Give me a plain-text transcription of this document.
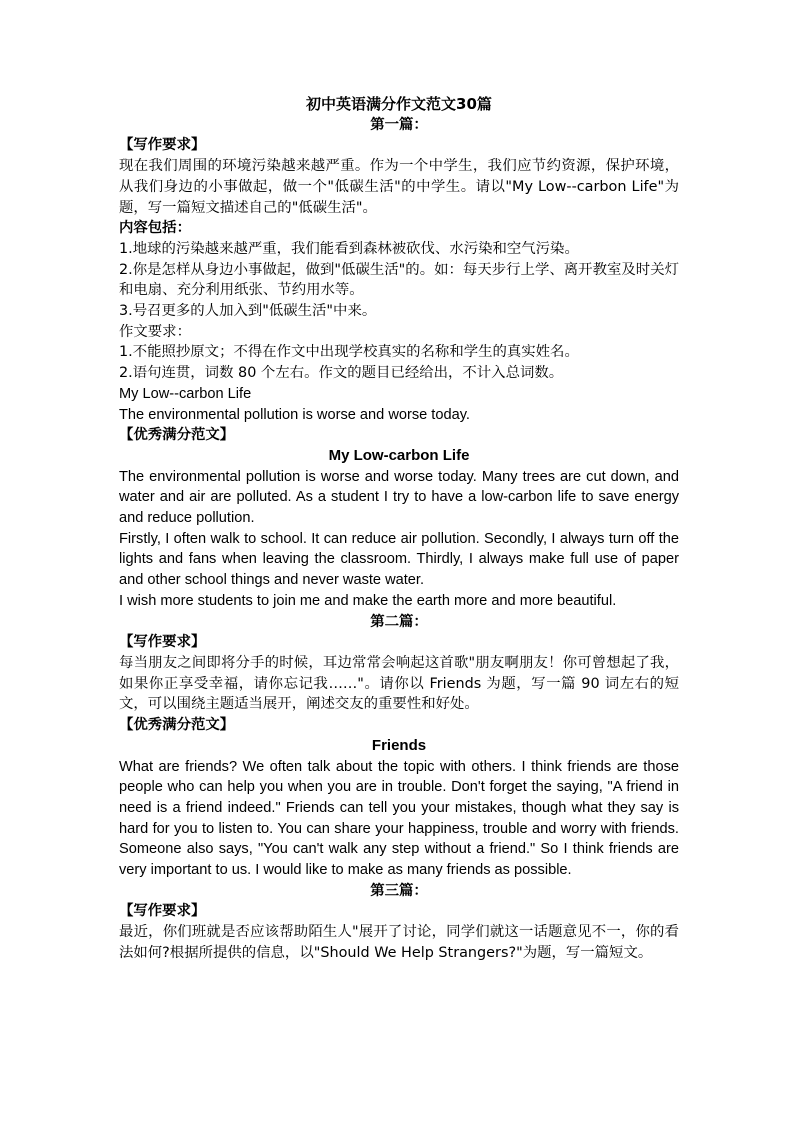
初中英语满分作文范文30篇

第一篇：

【写作要求】

现在我们周围的环境污染越来越严重。作为一个中学生，我们应节约资源，保护环境，从我们身边的小事做起，做一个"低碳生活"的中学生。请以"My Low--carbon Life"为题，写一篇短文描述自己的"低碳生活"。

内容包括：

1.地球的污染越来越严重，我们能看到森林被砍伐、水污染和空气污染。

2.你是怎样从身边小事做起，做到"低碳生活"的。如：每天步行上学、离开教室及时关灯和电扇、充分利用纸张、节约用水等。

3.号召更多的人加入到"低碳生活"中来。

作文要求：

1.不能照抄原文；不得在作文中出现学校真实的名称和学生的真实姓名。

2.语句连贯，词数 80 个左右。作文的题目已经给出，不计入总词数。

My Low--carbon Life

The environmental pollution is worse and worse today.

【优秀满分范文】

My Low-carbon Life

The environmental pollution is worse and worse today. Many trees are cut down, and water and air are polluted. As a student I try to have a low-carbon life to save energy and reduce pollution.

Firstly, I often walk to school. It can reduce air pollution. Secondly, I always turn off the lights and fans when leaving the classroom. Thirdly, I always make full use of paper and other school things and never waste water.

I wish more students to join me and make the earth more and more beautiful.

第二篇：

【写作要求】

每当朋友之间即将分手的时候，耳边常常会响起这首歌"朋友啊朋友！你可曾想起了我，如果你正享受幸福，请你忘记我……"。请你以 Friends 为题，写一篇 90 词左右的短文，可以围绕主题适当展开，阐述交友的重要性和好处。

【优秀满分范文】

Friends

What are friends? We often talk about the topic with others. I think friends are those people who can help you when you are in trouble. Don't forget the saying, "A friend in need is a friend indeed." Friends can tell you your mistakes, though what they say is hard for you to listen to. You can share your happiness, trouble and worry with friends. Someone also says, "You can't walk any step without a friend." So I think friends are very important to us. I would like to make as many friends as possible.

第三篇：

【写作要求】

最近，你们班就是否应该帮助陌生人"展开了讨论，同学们就这一话题意见不一，你的看法如何?根据所提供的信息，以"Should We Help Strangers?"为题，写一篇短文。
